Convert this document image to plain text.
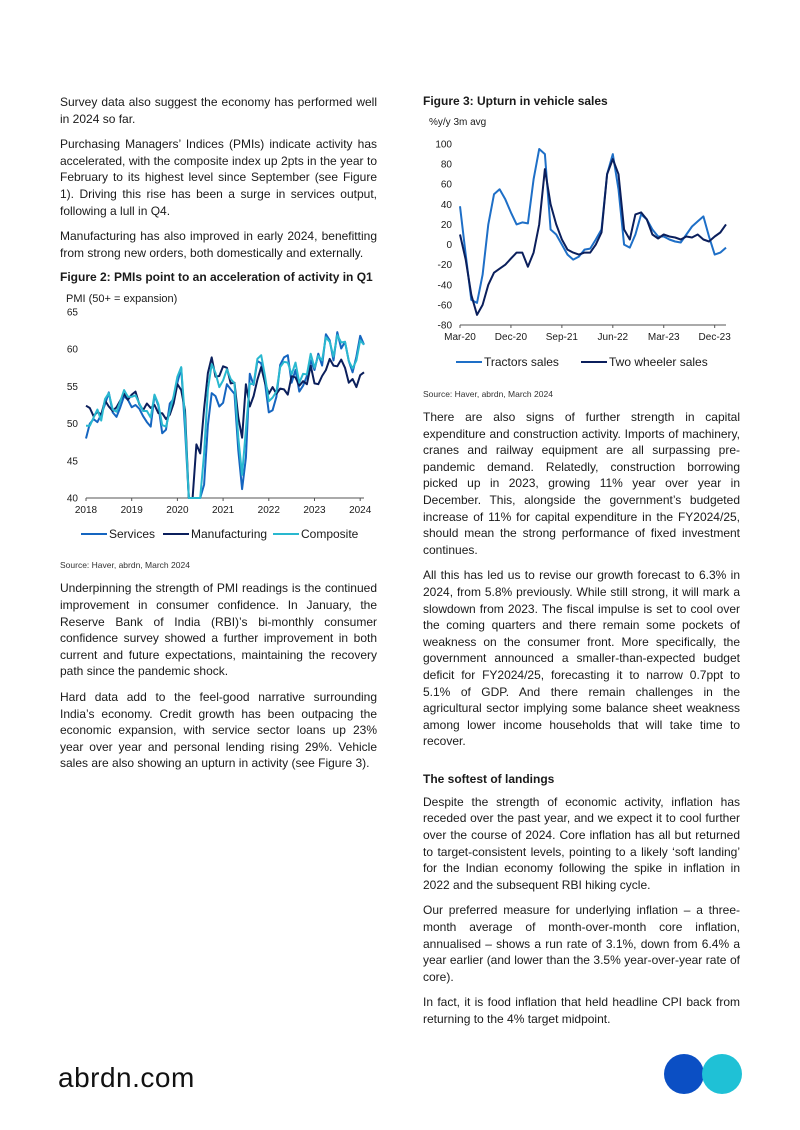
Survey data also suggest the economy has performed well in 2024 so far.

Purchasing Managers’ Indices (PMIs) indicate activity has accelerated, with the composite index up 2pts in the year to February to its highest level since September (see Figure 1). Driving this rise has been a surge in services output, following a lull in Q4.

Manufacturing has also improved in early 2024, benefitting from strong new orders, both domestically and externally.

Figure 2: PMIs point to an acceleration of activity in Q1
PMI (50+ = expansion)
40
45
50
55
60
65
2018 2019 2020 2021 2022 2023 2024
Services	Manufacturing	Composite
Source: Haver, abrdn, March 2024

Underpinning the strength of PMI readings is the continued improvement in consumer confidence. In January, the Reserve Bank of India (RBI)’s bi-monthly consumer confidence survey showed a further improvement in both current and future expectations, maintaining the recovery path since the pandemic shock.

Hard data add to the feel-good narrative surrounding India’s economy. Credit growth has been outpacing the economic expansion, with service sector loans up 23% year over year and personal lending rising 29%. Vehicle sales are also showing an upturn in activity (see Figure 3).

Figure 3: Upturn in vehicle sales
%y/y 3m avg
100
80
60
40
20
0
-20
-40
-60
-80
Mar-20 Dec-20 Sep-21 Jun-22 Mar-23 Dec-23
Tractors sales	Two wheeler sales
Source: Haver, abrdn, March 2024

There are also signs of further strength in capital expenditure and construction activity. Imports of machinery, cranes and railway equipment are all surpassing pre-pandemic demand. Relatedly, construction borrowing picked up in 2023, growing 11% year over year in December. This, alongside the government’s budgeted increase of 11% for capital expenditure in the FY2024/25, should mean the strong performance of fixed investment continues.

All this has led us to revise our growth forecast to 6.3% in 2024, from 5.8% previously. While still strong, it will mark a slowdown from 2023. The fiscal impulse is set to cool over the coming quarters and there remain some pockets of weakness on the consumer front. More specifically, the government announced a smaller-than-expected budget deficit for FY2024/25, forecasting it to narrow 0.7ppt to 5.1% of GDP. And there remain challenges in the agricultural sector implying some balance sheet weakness among lower income households that will take time to recover.

The softest of landings

Despite the strength of economic activity, inflation has receded over the past year, and we expect it to cool further over the course of 2024. Core inflation has all but returned to target-consistent levels, pointing to a likely ‘soft landing’ for the Indian economy following the spike in inflation in 2022 and the subsequent RBI hiking cycle.

Our preferred measure for underlying inflation – a three-month average of month-over-month core inflation, annualised – shows a run rate of 3.1%, down from 6.4% a year earlier (and lower than the 3.5% year-over-year rate of core).

In fact, it is food inflation that held headline CPI back from returning to the 4% target midpoint.

abrdn.com
